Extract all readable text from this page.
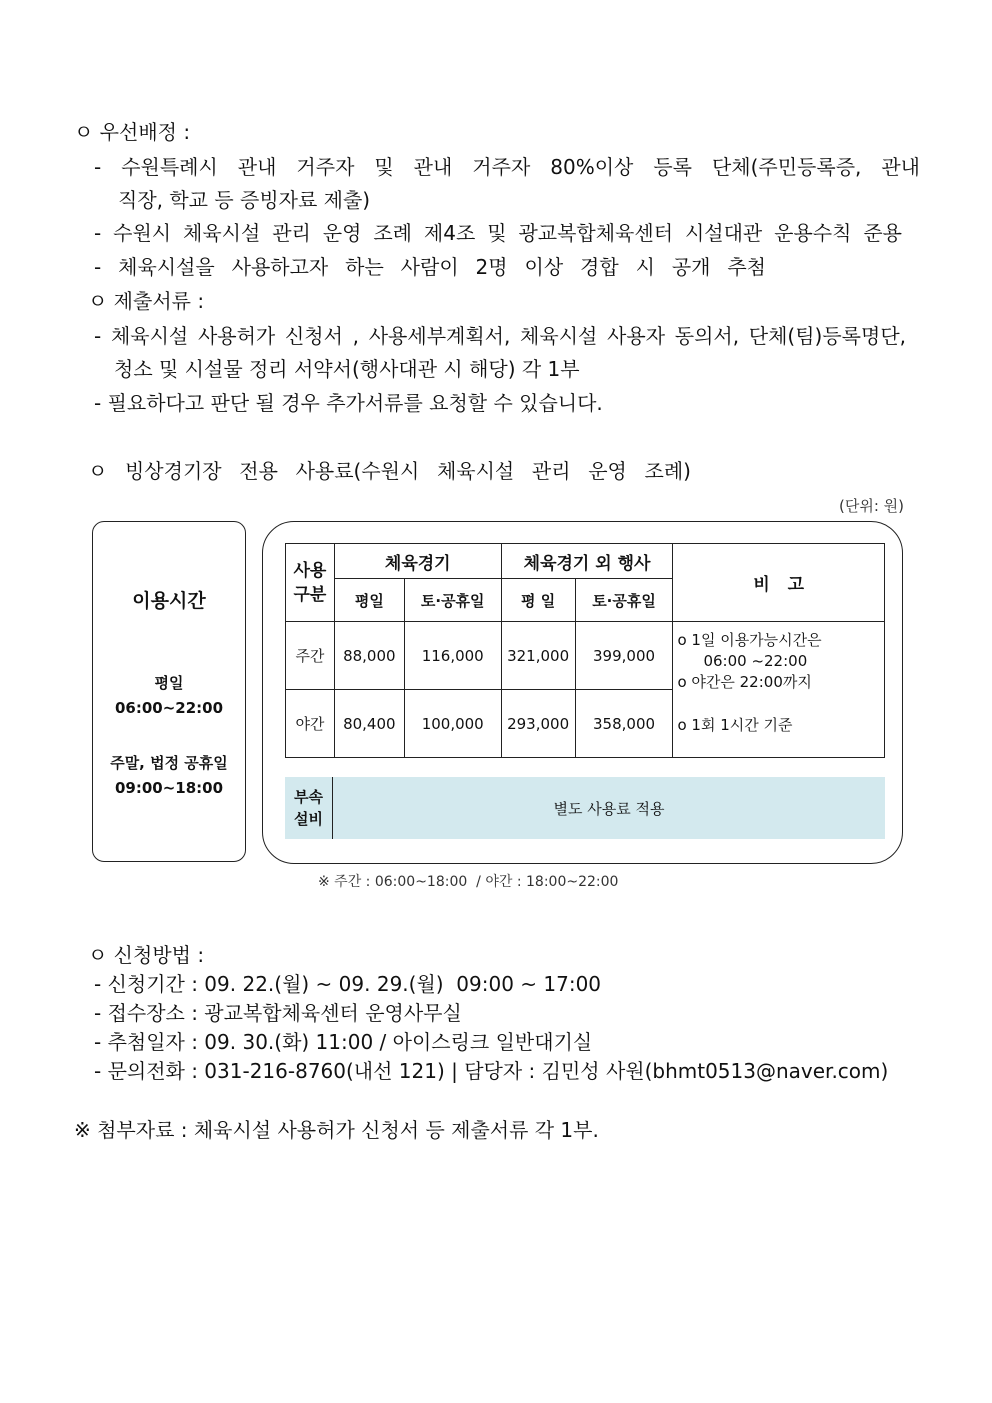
ㅇ 우선배정 :
- 수원특례시 관내 거주자 및 관내 거주자 80%이상 등록 단체(주민등록증, 관내
직장, 학교 등 증빙자료 제출)
- 수원시 체육시설 관리 운영 조례 제4조 및 광교복합체육센터 시설대관 운용수칙 준용
- 체육시설을 사용하고자 하는 사람이 2명 이상 경합 시 공개 추첨
ㅇ 제출서류 :
- 체육시설 사용허가 신청서 , 사용세부계획서, 체육시설 사용자 동의서, 단체(팀)등록명단,
청소 및 시설물 정리 서약서(행사대관 시 해당) 각 1부
- 필요하다고 판단 될 경우 추가서류를 요청할 수 있습니다.
ㅇ 빙상경기장 전용 사용료(수원시 체육시설 관리 운영 조례)
(단위: 원)
이용시간
평일
06:00~22:00
주말, 법정 공휴일
09:00~18:00
사용
구분	체육경기		체육경기 외 행사		비   고
	평일	토·공휴일	평 일	토·공휴일	
주간	88,000	116,000	321,000	399,000	o 1일 이용가능시간은
06:00 ~22:00
o 야간은 22:00까지
o 1회 1시간 기준

야간	80,400	100,000	293,000	358,000	
부속
설비
	별도 사용료 적용
※ 주간 : 06:00~18:00  / 야간 : 18:00~22:00
ㅇ 신청방법 :
- 신청기간 : 09. 22.(월) ~ 09. 29.(월)  09:00 ~ 17:00
- 접수장소 : 광교복합체육센터 운영사무실
- 추첨일자 : 09. 30.(화) 11:00 / 아이스링크 일반대기실
- 문의전화 : 031-216-8760(내선 121) | 담당자 : 김민성 사원(bhmt0513@naver.com)
※ 첨부자료 : 체육시설 사용허가 신청서 등 제출서류 각 1부.
